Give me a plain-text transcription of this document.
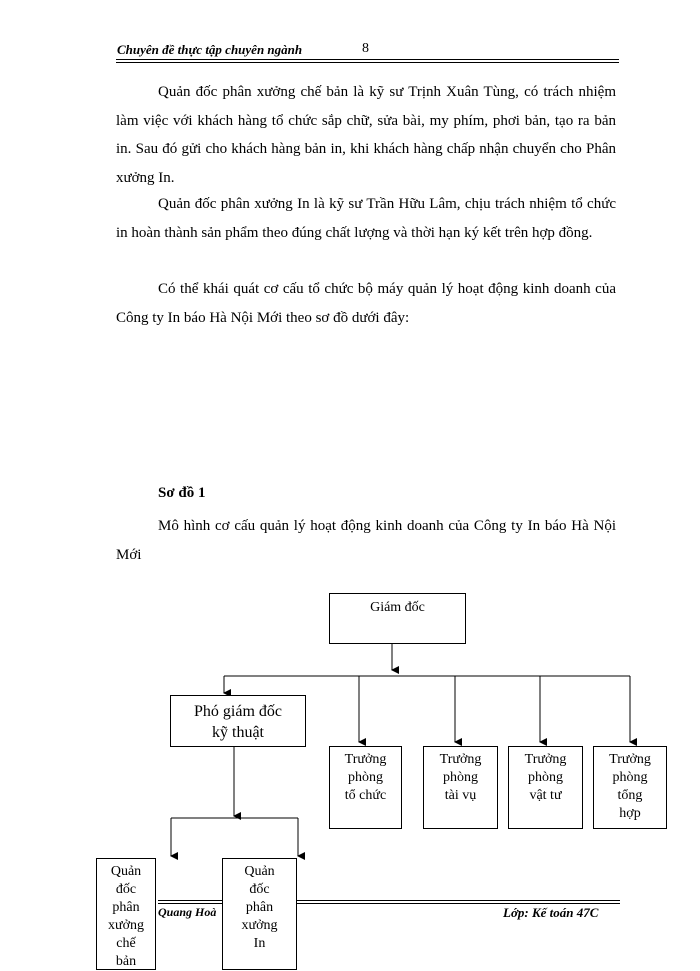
Chuyên đề thực tập chuyên ngành	8

Quản đốc phân xưởng chế bản là kỹ sư Trịnh Xuân Tùng, có trách nhiệm làm việc với khách hàng tổ chức sắp chữ, sửa bài, my phím, phơi bản, tạo ra bản in. Sau đó gửi cho khách hàng bản in, khi khách hàng chấp nhận chuyển cho Phân xưởng In.

Quản đốc phân xưởng In là kỹ sư Trần Hữu Lâm, chịu trách nhiệm tổ chức in hoàn thành sản phẩm theo đúng chất lượng và thời hạn ký kết trên hợp đồng.

Có thể khái quát cơ cấu tổ chức bộ máy quản lý hoạt động kinh doanh của Công ty In báo Hà Nội Mới theo sơ đồ dưới đây:

Sơ đồ 1

Mô hình cơ cấu quản lý hoạt động kinh doanh của Công ty In báo Hà Nội Mới

Giám đốc
Phó giám đốc
kỹ thuật
Trưởng
phòng
tổ chức
Trưởng
phòng
tài vụ
Trưởng
phòng
vật tư
Trưởng
phòng
tổng
hợp
Quang Hoà	Lớp: Kế toán 47C
Quản
đốc
phân
xưởng
chế
bản
Quản
đốc
phân
xưởng
In
